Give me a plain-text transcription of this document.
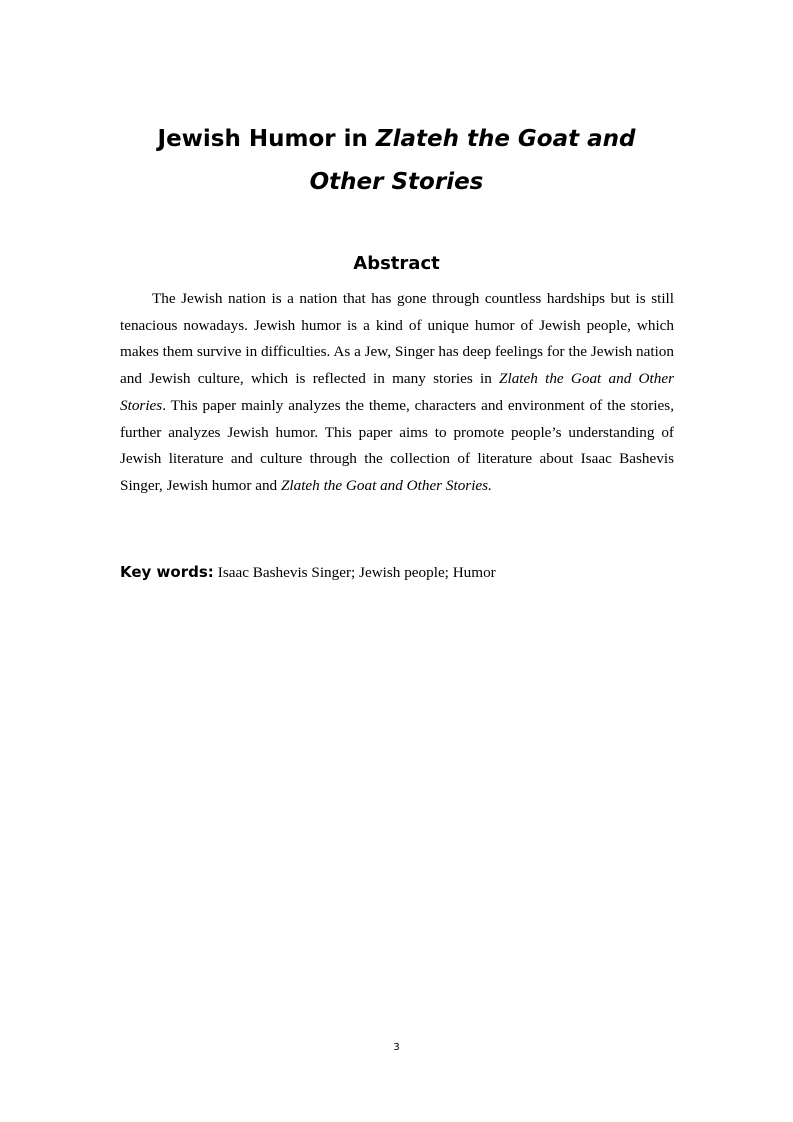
Jewish Humor in Zlateh the Goat and
Other Stories
Abstract

The Jewish nation is a nation that has gone through countless hardships but is still tenacious nowadays. Jewish humor is a kind of unique humor of Jewish people, which makes them survive in difficulties. As a Jew, Singer has deep feelings for the Jewish nation and Jewish culture, which is reflected in many stories in Zlateh the Goat and Other Stories. This paper mainly analyzes the theme, characters and environment of the stories, further analyzes Jewish humor. This paper aims to promote people’s understanding of Jewish literature and culture through the collection of literature about Isaac Bashevis Singer, Jewish humor and Zlateh the Goat and Other Stories.

Key words: Isaac Bashevis Singer; Jewish people; Humor
3
